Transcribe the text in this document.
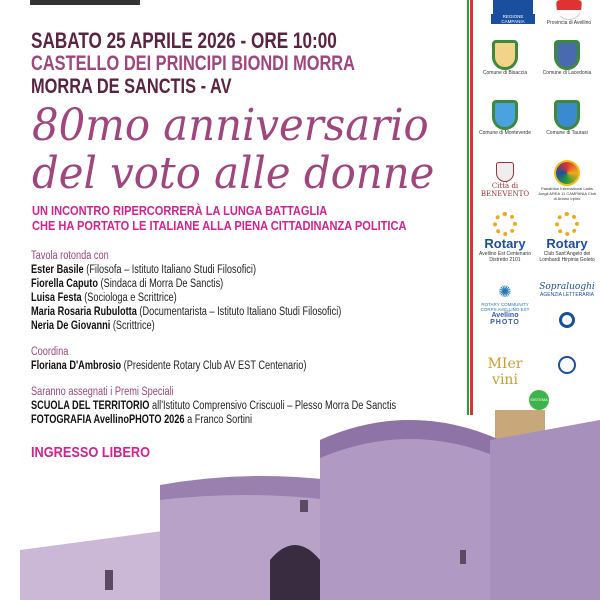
SABATO 25 APRILE 2026 - ORE 10:00
CASTELLO DEI PRINCIPI BIONDI MORRA
MORRA DE SANCTIS - AV
80mo anniversario
del voto alle donne
UN INCONTRO RIPERCORRERÀ LA LUNGA BATTAGLIA
CHE HA PORTATO LE ITALIANE ALLA PIENA CITTADINANZA POLITICA
Tavola rotonda con
Ester Basile (Filosofa – Istituto Italiano Studi Filosofici)
Fiorella Caputo (Sindaca di Morra De Sanctis)
Luisa Festa (Sociologa e Scrittrice)
Maria Rosaria Rubulotta (Documentarista – Istituto Italiano Studi Filosofici)
Neria De Giovanni (Scrittrice)
Coordina
Floriana D'Ambrosio (Presidente Rotary Club AV EST Centenario)
Saranno assegnati i Premi Speciali
SCUOLA DEL TERRITORIO all'Istituto Comprensivo Criscuoli – Plesso Morra De Sanctis
FOTOGRAFIA AvellinoPHOTO 2026 a Franco Sortini
INGRESSO LIBERO
REGIONE CAMPANIA	Provincia di Avellino
Comune di Bisaccia	Comune di Lacedonia
Comune di Monteverde	Comune di Taurasi
Città di BENEVENTO
Panathlon International Ladis Jungli AREA 11 CAMPANIA Club di Ariano Irpino
Rotary
Avellino Est Centenario Distretto 2101
Rotary
Club Sant'Angelo dei Lombardi Hirpinia Goleto
✺
ROTARY COMMUNITY CORPS AVELLINO EST
Sopraluoghi
AGENZIA LETTERARIA
Avellino
PHOTO
MIer vini
SISTEMA
